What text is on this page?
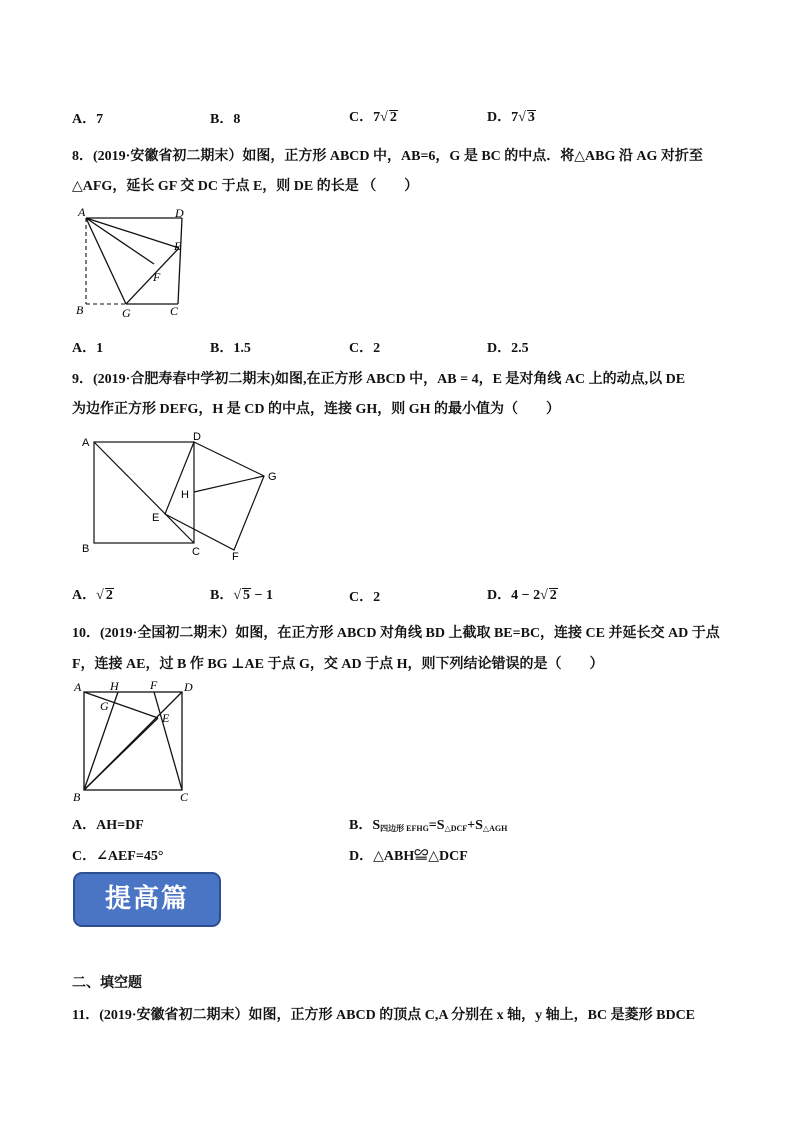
A．7	B．8	C．7√ 2	D．7√ 3
8．(2019·安徽省初二期末）如图，正方形 ABCD 中，AB=6，G 是 BC 的中点．将△ABG 沿 AG 对折至
△AFG，延长 GF 交 DC 于点 E，则 DE 的长是 （　　）
A	D
E
F
B	G	C
A．1	B．1.5	C．2	D．2.5
9．(2019·合肥寿春中学初二期末)如图,在正方形 ABCD 中，AB = 4，E 是对角线 AC 上的动点,以 DE
为边作正方形 DEFG，H 是 CD 的中点，连接 GH，则 GH 的最小值为（　　）
A	D
G
H
E
B	C	F
A．√ 2	B．√ 5 − 1	C．2	D．4 − 2√ 2
10．(2019·全国初二期末）如图，在正方形 ABCD 对角线 BD 上截取 BE=BC，连接 CE 并延长交 AD 于点
F，连接 AE，过 B 作 BG ⊥AE 于点 G，交 AD 于点 H，则下列结论错误的是（　　）
A H	F D
G
E
B	C
A．AH=DF	B．$S_{四边形 EFHG}=S_{\triangle DCF}+S_{\triangle AGH}$
C．∠AEF=45°	D．△ABH≌△DCF
提高篇
二、填空题
11．(2019·安徽省初二期末）如图，正方形 ABCD 的顶点 C,A 分别在 x 轴，y 轴上，BC 是菱形 BDCE
